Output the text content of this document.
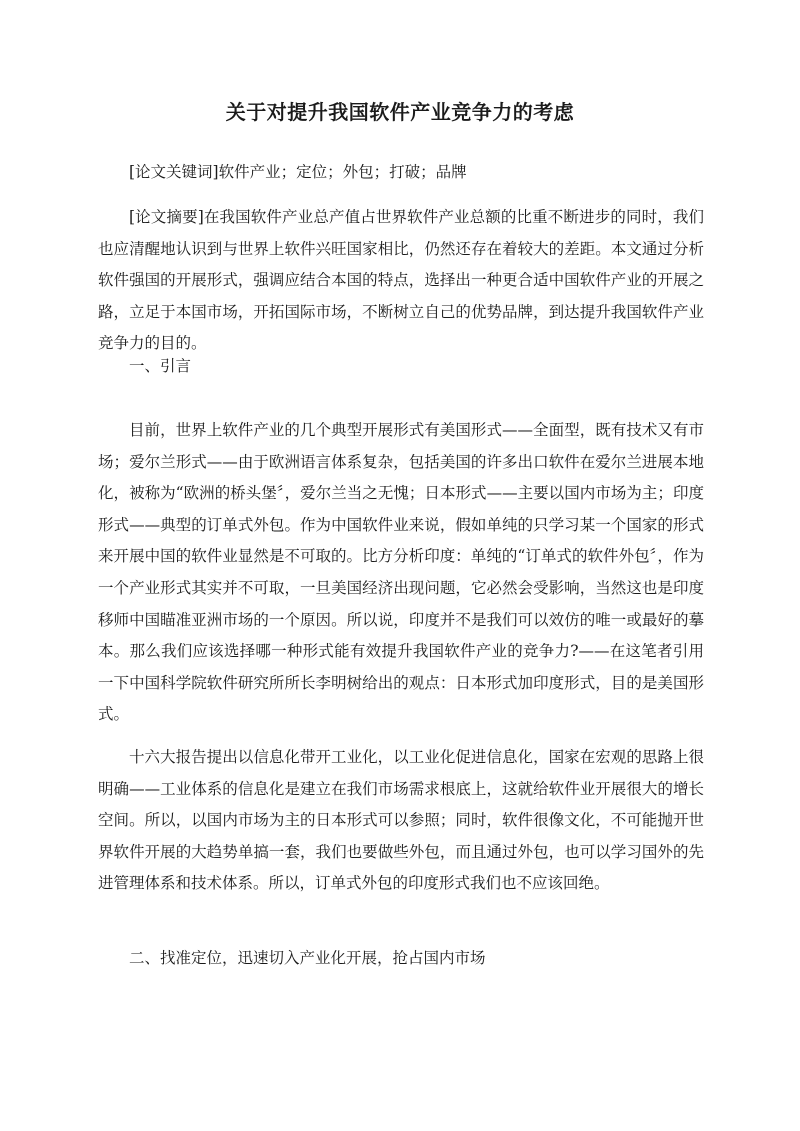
关于对提升我国软件产业竞争力的考虑

[论文关键词]软件产业；定位；外包；打破；品牌

[论文摘要]在我国软件产业总产值占世界软件产业总额的比重不断进步的同时，我们也应清醒地认识到与世界上软件兴旺国家相比，仍然还存在着较大的差距。本文通过分析软件强国的开展形式，强调应结合本国的特点，选择出一种更合适中国软件产业的开展之路，立足于本国市场，开拓国际市场，不断树立自己的优势品牌，到达提升我国软件产业竞争力的目的。

一、引言

目前，世界上软件产业的几个典型开展形式有美国形式——全面型，既有技术又有市场；爱尔兰形式——由于欧洲语言体系复杂，包括美国的许多出口软件在爱尔兰进展本地化，被称为“欧洲的桥头堡〞，爱尔兰当之无愧；日本形式——主要以国内市场为主；印度形式——典型的订单式外包。作为中国软件业来说，假如单纯的只学习某一个国家的形式来开展中国的软件业显然是不可取的。比方分析印度：单纯的“订单式的软件外包〞，作为一个产业形式其实并不可取，一旦美国经济出现问题，它必然会受影响，当然这也是印度移师中国瞄准亚洲市场的一个原因。所以说，印度并不是我们可以效仿的唯一或最好的摹本。那么我们应该选择哪一种形式能有效提升我国软件产业的竞争力?——在这笔者引用一下中国科学院软件研究所所长李明树给出的观点：日本形式加印度形式，目的是美国形式。

十六大报告提出以信息化带开工业化，以工业化促进信息化，国家在宏观的思路上很明确——工业体系的信息化是建立在我们市场需求根底上，这就给软件业开展很大的增长空间。所以，以国内市场为主的日本形式可以参照；同时，软件很像文化，不可能抛开世界软件开展的大趋势单搞一套，我们也要做些外包，而且通过外包，也可以学习国外的先进管理体系和技术体系。所以，订单式外包的印度形式我们也不应该回绝。

二、找准定位，迅速切入产业化开展，抢占国内市场
